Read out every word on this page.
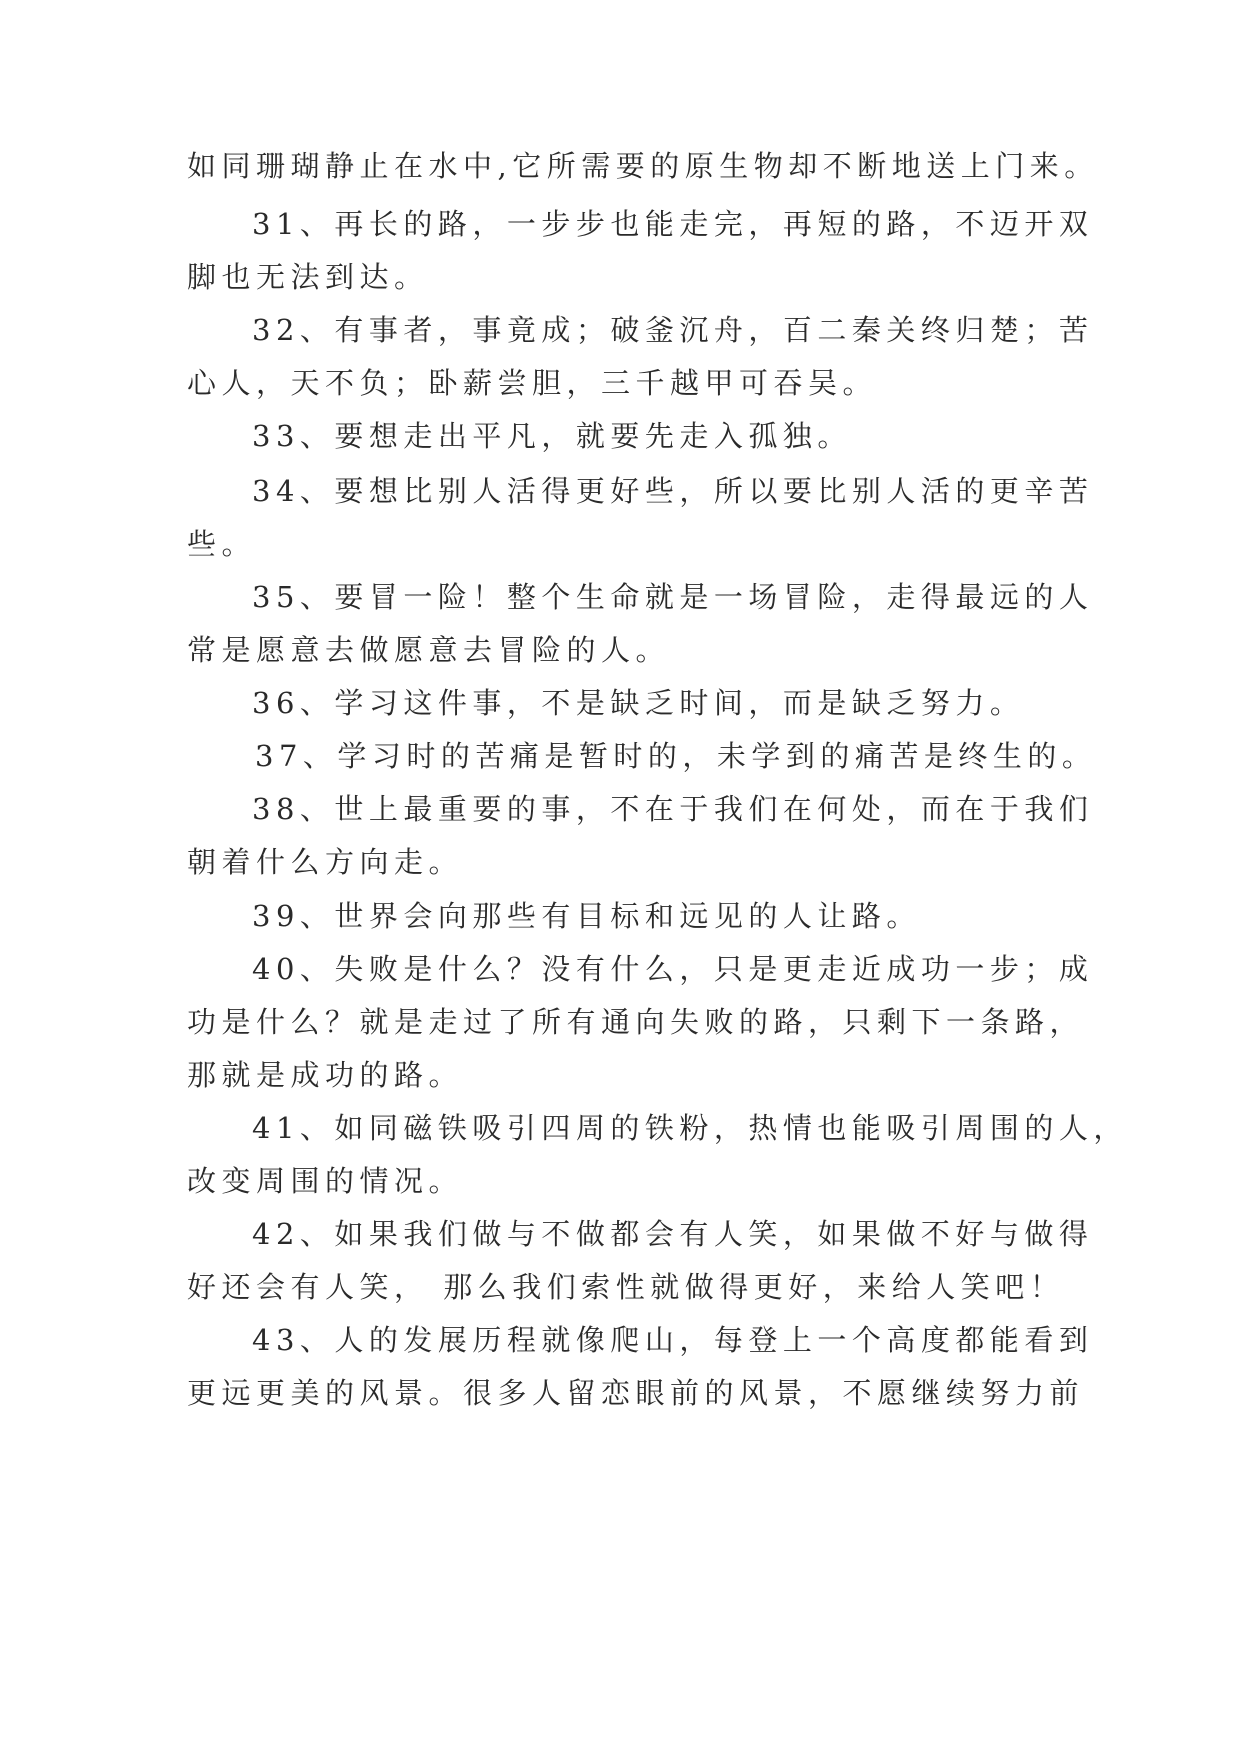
如同珊瑚静止在水中,它所需要的原生物却不断地送上门来。
31、再长的路，一步步也能走完，再短的路，不迈开双
脚也无法到达。
32、有事者，事竟成；破釜沉舟，百二秦关终归楚；苦
心人，天不负；卧薪尝胆，三千越甲可吞吴。
33、要想走出平凡，就要先走入孤独。
34、要想比别人活得更好些，所以要比别人活的更辛苦
些。
35、要冒一险！整个生命就是一场冒险，走得最远的人
常是愿意去做愿意去冒险的人。
36、学习这件事，不是缺乏时间，而是缺乏努力。
37、学习时的苦痛是暂时的，未学到的痛苦是终生的。
38、世上最重要的事，不在于我们在何处，而在于我们
朝着什么方向走。
39、世界会向那些有目标和远见的人让路。
40、失败是什么？没有什么，只是更走近成功一步；成
功是什么？就是走过了所有通向失败的路，只剩下一条路，
那就是成功的路。
41、如同磁铁吸引四周的铁粉，热情也能吸引周围的人，
改变周围的情况。
42、如果我们做与不做都会有人笑，如果做不好与做得
好还会有人笑， 那么我们索性就做得更好，来给人笑吧！
43、人的发展历程就像爬山，每登上一个高度都能看到
更远更美的风景。很多人留恋眼前的风景，不愿继续努力前
